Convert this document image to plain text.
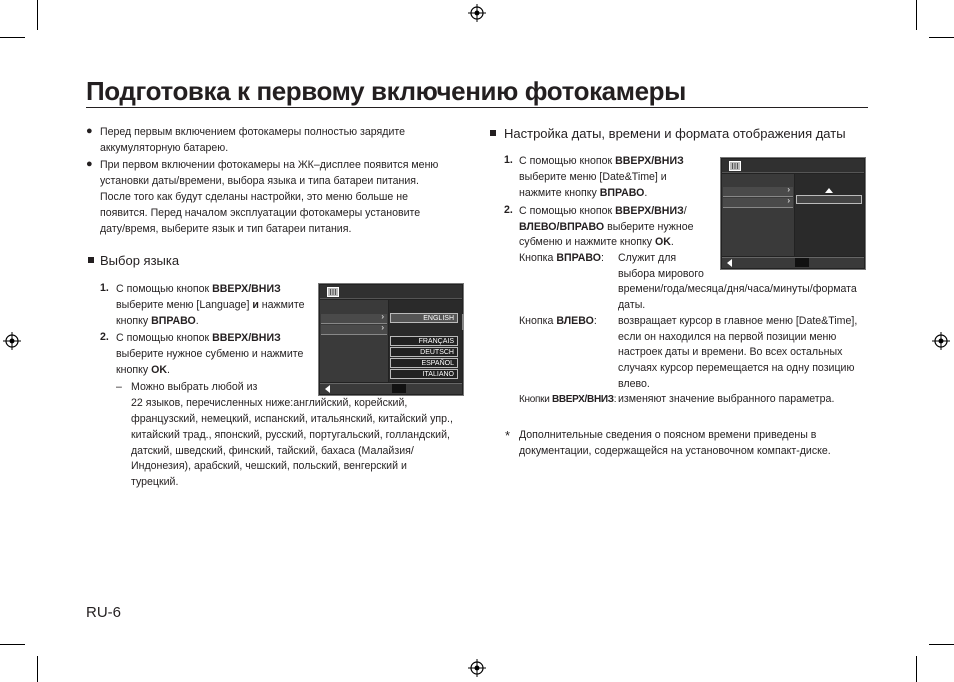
Подготовка к первому включению фотокамеры
● Перед первым включением фотокамеры полностью зарядите
аккумуляторную батарею.
● При первом включении фотокамеры на ЖК–дисплее появится меню
установки даты/времени, выбора языка и типа батареи питания.
После того как будут сделаны настройки, это меню больше не
появится. Перед началом эксплуатации фотокамеры установите
дату/время, выберите язык и тип батареи питания.
Выбор языка
1. С помощью кнопок ВВЕРХ/ВНИЗ
выберите меню [Language] и нажмите
кнопку ВПРАВО.
2. С помощью кнопок ВВЕРХ/ВНИЗ
выберите нужное субменю и нажмите
кнопку OK.
– Можно выбрать любой из
22 языков, перечисленных ниже:английский, корейский,
французский, немецкий, испанский, итальянский, китайский упр.,
китайский трад., японский, русский, португальский, голландский,
датский, шведский, финский, тайский, бахаса (Малайзия/
Индонезия), арабский, чешский, польский, венгерский и
турецкий.
›
›
ENGLISH
FRANÇAIS
DEUTSCH
ESPAÑOL
ITALIANO
Настройка даты, времени и формата отображения даты
1. С помощью кнопок ВВЕРХ/ВНИЗ
выберите меню [Date&Time] и
нажмите кнопку ВПРАВО.
2. С помощью кнопок ВВЕРХ/ВНИЗ/
ВЛЕВО/ВПРАВО выберите нужное
субменю и нажмите кнопку OK.
Кнопка ВПРАВО: Служит для
выбора мирового
времени/года/месяца/дня/часа/минуты/формата
даты.
Кнопка ВЛЕВО: возвращает курсор в главное меню [Date&Time],
если он находился на первой позиции меню
настроек даты и времени. Во всех остальных
случаях курсор перемещается на одну позицию
влево.
Кнопки ВВЕРХ/ВНИЗ: изменяют значение выбранного параметра.
* Дополнительные сведения о поясном времени приведены в
документации, содержащейся на установочном компакт-диске.
›
›
RU-6
